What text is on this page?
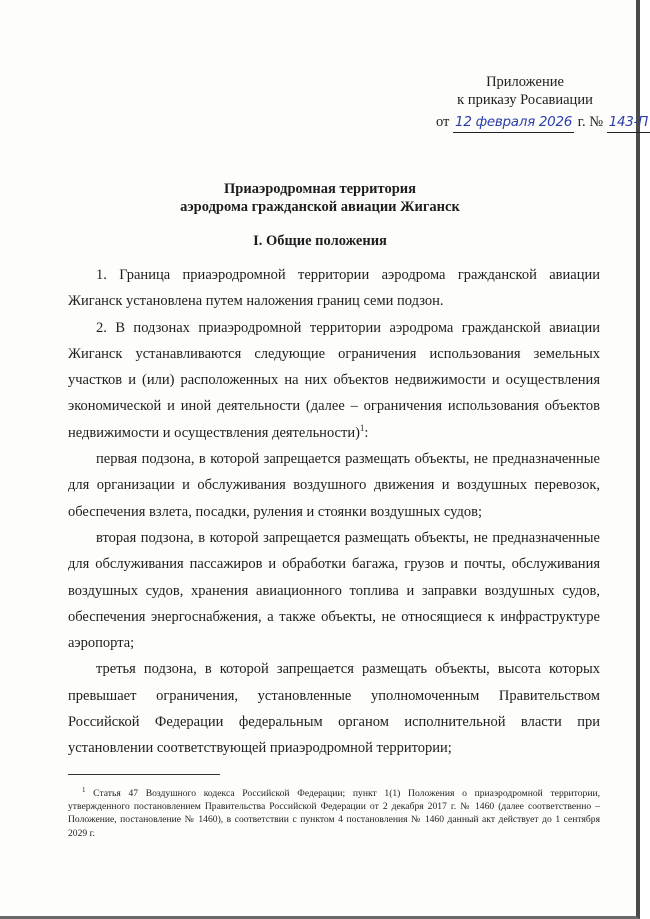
Приложение
к приказу Росавиации
от 12 февраля 2026 г. № 143-П
Приаэродромная территория
аэродрома гражданской авиации Жиганск
I. Общие положения

1. Граница приаэродромной территории аэродрома гражданской авиации Жиганск установлена путем наложения границ семи подзон.

2. В подзонах приаэродромной территории аэродрома гражданской авиации Жиганск устанавливаются следующие ограничения использования земельных участков и (или) расположенных на них объектов недвижимости и осуществления экономической и иной деятельности (далее – ограничения использования объектов недвижимости и осуществления деятельности)$^1$:

первая подзона, в которой запрещается размещать объекты, не предназначенные для организации и обслуживания воздушного движения и воздушных перевозок, обеспечения взлета, посадки, руления и стоянки воздушных судов;

вторая подзона, в которой запрещается размещать объекты, не предназначенные для обслуживания пассажиров и обработки багажа, грузов и почты, обслуживания воздушных судов, хранения авиационного топлива и заправки воздушных судов, обеспечения энергоснабжения, а также объекты, не относящиеся к инфраструктуре аэропорта;

третья подзона, в которой запрещается размещать объекты, высота которых превышает ограничения, установленные уполномоченным Правительством Российской Федерации федеральным органом исполнительной власти при установлении соответствующей приаэродромной территории;

$^1$ Статья 47 Воздушного кодекса Российской Федерации; пункт 1(1) Положения о приаэродромной территории, утвержденного постановлением Правительства Российской Федерации от 2 декабря 2017 г. № 1460 (далее соответственно – Положение, постановление № 1460), в соответствии с пунктом 4 постановления № 1460 данный акт действует до 1 сентября 2029 г.
